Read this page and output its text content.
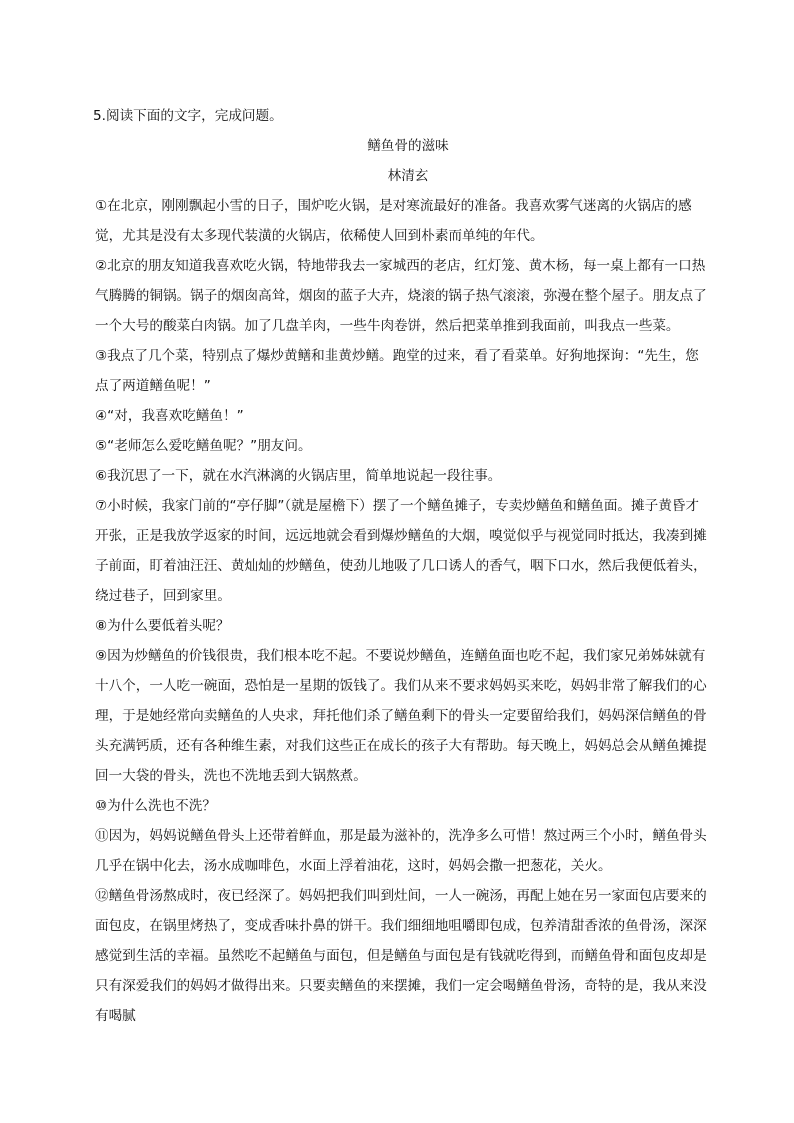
5.阅读下面的文字，完成问题。

鳝鱼骨的滋味

林清玄

①在北京，刚刚飘起小雪的日子，围炉吃火锅，是对寒流最好的准备。我喜欢雾气迷离的火锅店的感觉，尤其是没有太多现代装潢的火锅店，依稀使人回到朴素而单纯的年代。

②北京的朋友知道我喜欢吃火锅，特地带我去一家城西的老店，红灯笼、黄木杨，每一桌上都有一口热气腾腾的铜锅。锅子的烟囱高耸，烟囱的蓝子大卉，烧滚的锅子热气滚滚，弥漫在整个屋子。朋友点了一个大号的酸菜白肉锅。加了几盘羊肉，一些牛肉卷饼，然后把菜单推到我面前，叫我点一些菜。

③我点了几个菜，特别点了爆炒黄鳝和韭黄炒鳝。跑堂的过来，看了看菜单。好狗地探询：“先生，您点了两道鳝鱼呢！”

④“对，我喜欢吃鳝鱼！”

⑤“老师怎么爱吃鳝鱼呢？”朋友问。

⑥我沉思了一下，就在水汽淋漓的火锅店里，简单地说起一段往事。

⑦小时候，我家门前的“亭仔脚”（就是屋檐下）摆了一个鳝鱼摊子，专卖炒鳝鱼和鳝鱼面。摊子黄昏才开张，正是我放学返家的时间，远远地就会看到爆炒鳝鱼的大烟，嗅觉似乎与视觉同时抵达，我凑到摊子前面，盯着油汪汪、黄灿灿的炒鳝鱼，使劲儿地吸了几口诱人的香气，咽下口水，然后我便低着头，绕过巷子，回到家里。

⑧为什么要低着头呢？

⑨因为炒鳝鱼的价钱很贵，我们根本吃不起。不要说炒鳝鱼，连鳝鱼面也吃不起，我们家兄弟姊妹就有十八个，一人吃一碗面，恐怕是一星期的饭钱了。我们从来不要求妈妈买来吃，妈妈非常了解我们的心理，于是她经常向卖鳝鱼的人央求，拜托他们杀了鳝鱼剩下的骨头一定要留给我们，妈妈深信鳝鱼的骨头充满钙质，还有各种维生素，对我们这些正在成长的孩子大有帮助。每天晚上，妈妈总会从鳝鱼摊提回一大袋的骨头，洗也不洗地丢到大锅熬煮。

⑩为什么洗也不洗？

⑪因为，妈妈说鳝鱼骨头上还带着鲜血，那是最为滋补的，洗净多么可惜！熬过两三个小时，鳝鱼骨头几乎在锅中化去，汤水成咖啡色，水面上浮着油花，这时，妈妈会撒一把葱花，关火。

⑫鳝鱼骨汤熬成时，夜已经深了。妈妈把我们叫到灶间，一人一碗汤，再配上她在另一家面包店要来的面包皮，在锅里烤热了，变成香味扑鼻的饼干。我们细细地咀嚼即包成，包养清甜香浓的鱼骨汤，深深感觉到生活的幸福。虽然吃不起鳝鱼与面包，但是鳝鱼与面包是有钱就吃得到，而鳝鱼骨和面包皮却是只有深爱我们的妈妈才做得出来。只要卖鳝鱼的来摆摊，我们一定会喝鳝鱼骨汤，奇特的是，我从来没有喝腻
